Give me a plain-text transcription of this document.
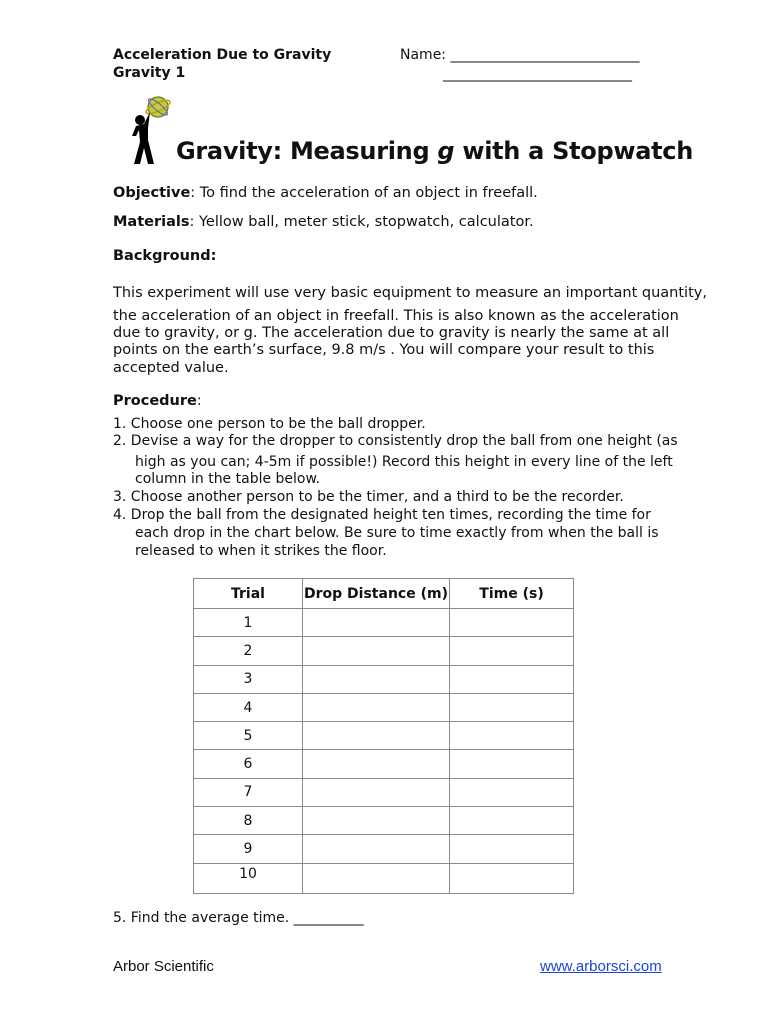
Acceleration Due to Gravity
Gravity 1
Name: ___________________________
___________________________
Gravity: Measuring g with a Stopwatch
Objective: To find the acceleration of an object in freefall.
Materials: Yellow ball, meter stick, stopwatch, calculator.
Background:
This experiment will use very basic equipment to measure an important quantity,
the acceleration of an object in freefall. This is also known as the acceleration
due to gravity, or g. The acceleration due to gravity is nearly the same at all
points on the earth’s surface, 9.8 m/s . You will compare your result to this
accepted value.
Procedure:
1. Choose one person to be the ball dropper.
2. Devise a way for the dropper to consistently drop the ball from one height (as
high as you can; 4-5m if possible!) Record this height in every line of the left
column in the table below.
3. Choose another person to be the timer, and a third to be the recorder.
4. Drop the ball from the designated height ten times, recording the time for
each drop in the chart below. Be sure to time exactly from when the ball is
released to when it strikes the floor.
Trial	Drop Distance (m)	Time (s)
1		
2		
3		
4		
5		
6		
7		
8		
9		
10		
5. Find the average time. __________
Arbor Scientific	www.arborsci.com
